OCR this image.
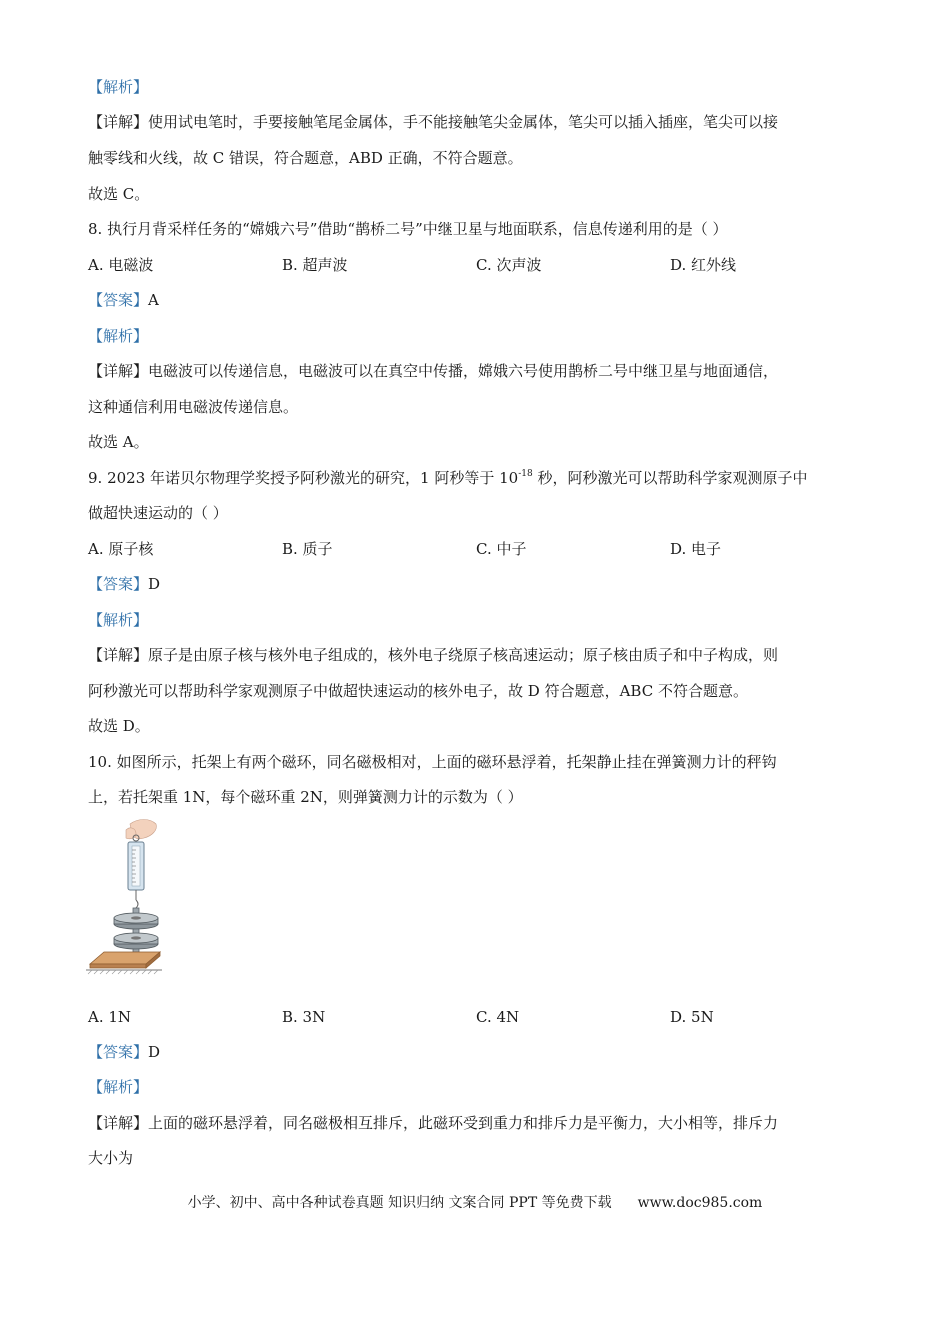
【解析】
【详解】使用试电笔时，手要接触笔尾金属体，手不能接触笔尖金属体，笔尖可以插入插座，笔尖可以接
触零线和火线，故 C 错误，符合题意，ABD 正确，不符合题意。
故选 C。
8. 执行月背采样任务的“嫦娥六号”借助“鹊桥二号”中继卫星与地面联系，信息传递利用的是（ ）
A. 电磁波	B. 超声波	C. 次声波	D. 红外线
【答案】A
【解析】
【详解】电磁波可以传递信息，电磁波可以在真空中传播，嫦娥六号使用鹊桥二号中继卫星与地面通信，
这种通信利用电磁波传递信息。
故选 A。
9. 2023 年诺贝尔物理学奖授予阿秒激光的研究，1 阿秒等于 $10^{-18}$ 秒，阿秒激光可以帮助科学家观测原子中
做超快速运动的（ ）
A. 原子核	B. 质子	C. 中子	D. 电子
【答案】D
【解析】
【详解】原子是由原子核与核外电子组成的，核外电子绕原子核高速运动；原子核由质子和中子构成，则
阿秒激光可以帮助科学家观测原子中做超快速运动的核外电子，故 D 符合题意，ABC 不符合题意。
故选 D。
10. 如图所示，托架上有两个磁环，同名磁极相对，上面的磁环悬浮着，托架静止挂在弹簧测力计的秤钩
上，若托架重 1N，每个磁环重 2N，则弹簧测力计的示数为（ ）
A. 1N	B. 3N	C. 4N	D. 5N
【答案】D
【解析】
【详解】上面的磁环悬浮着，同名磁极相互排斥，此磁环受到重力和排斥力是平衡力，大小相等，排斥力
大小为
小学、初中、高中各种试卷真题 知识归纳 文案合同 PPT 等免费下载 www.doc985.com
